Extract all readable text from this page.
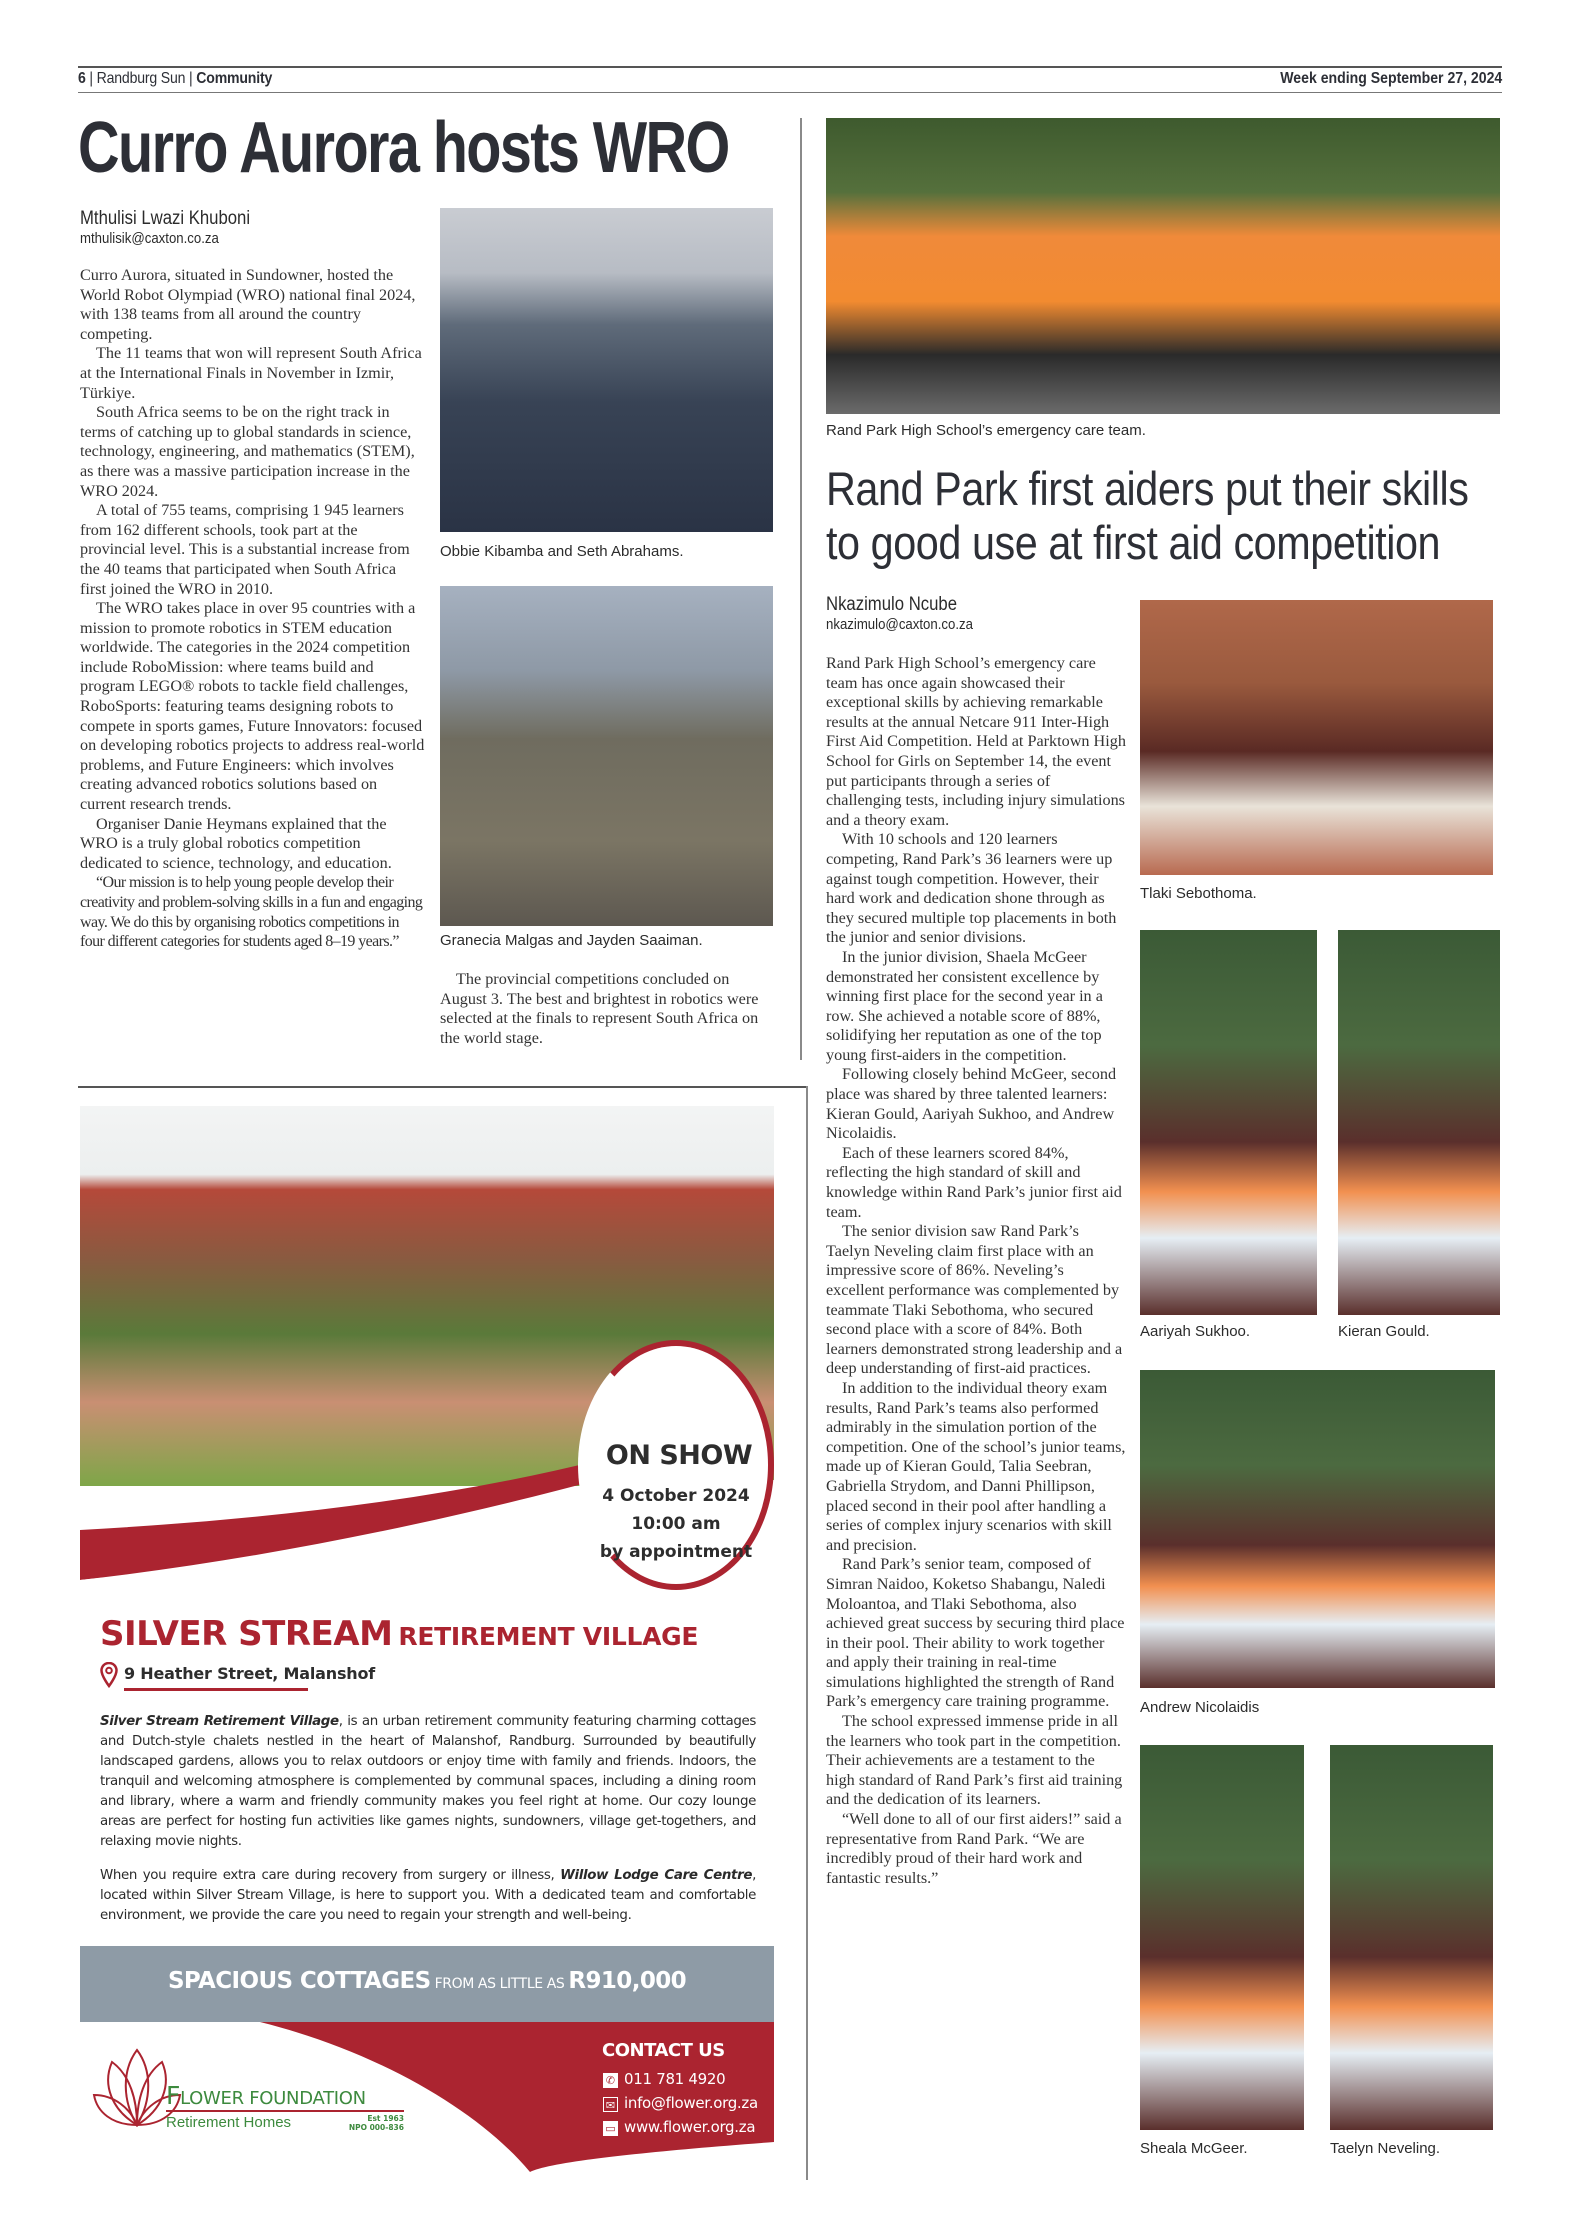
6 | Randburg Sun | Community	Week ending September 27, 2024
Curro Aurora hosts WRO
Mthulisi Lwazi Khuboni
mthulisik@caxton.co.za

Curro Aurora, situated in Sundowner, hosted the World Robot Olympiad (WRO) national final 2024, with 138 teams from all around the country competing.

The 11 teams that won will represent South Africa at the International Finals in November in Izmir, Türkiye.

South Africa seems to be on the right track in terms of catching up to global standards in science, technology, engineering, and mathematics (STEM), as there was a massive participation increase in the WRO 2024.

A total of 755 teams, comprising 1 945 learners from 162 different schools, took part at the provincial level. This is a substantial increase from the 40 teams that participated when South Africa first joined the WRO in 2010.

The WRO takes place in over 95 countries with a mission to promote robotics in STEM education worldwide. The categories in the 2024 competition include RoboMission: where teams build and program LEGO® robots to tackle field challenges, RoboSports: featuring teams designing robots to compete in sports games, Future Innovators: focused on developing robotics projects to address real-world problems, and Future Engineers: which involves creating advanced robotics solutions based on current research trends.

Organiser Danie Heymans explained that the WRO is a truly global robotics competition dedicated to science, technology, and education.

“Our mission is to help young people develop their creativity and problem-solving skills in a fun and engaging way. We do this by organising robotics competitions in four different categories for students aged 8–19 years.”

Obbie Kibamba and Seth Abrahams.
Granecia Malgas and Jayden Saaiman.

The provincial competitions concluded on August 3. The best and brightest in robotics were selected at the finals to represent South Africa on the world stage.

Rand Park High School’s emergency care team.
Rand Park first aiders put their skills to good use at first aid competition
Nkazimulo Ncube
nkazimulo@caxton.co.za

Rand Park High School’s emergency care team has once again showcased their exceptional skills by achieving remarkable results at the annual Netcare 911 Inter-High First Aid Competition. Held at Parktown High School for Girls on September 14, the event put participants through a series of challenging tests, including injury simulations and a theory exam.

With 10 schools and 120 learners competing, Rand Park’s 36 learners were up against tough competition. However, their hard work and dedication shone through as they secured multiple top placements in both the junior and senior divisions.

In the junior division, Shaela McGeer demonstrated her consistent excellence by winning first place for the second year in a row. She achieved a notable score of 88%, solidifying her reputation as one of the top young first-aiders in the competition.

Following closely behind McGeer, second place was shared by three talented learners: Kieran Gould, Aariyah Sukhoo, and Andrew Nicolaidis.

Each of these learners scored 84%, reflecting the high standard of skill and knowledge within Rand Park’s junior first aid team.

The senior division saw Rand Park’s Taelyn Neveling claim first place with an impressive score of 86%. Neveling’s excellent performance was complemented by teammate Tlaki Sebothoma, who secured second place with a score of 84%. Both learners demonstrated strong leadership and a deep understanding of first-aid practices.

In addition to the individual theory exam results, Rand Park’s teams also performed admirably in the simulation portion of the competition. One of the school’s junior teams, made up of Kieran Gould, Talia Seebran, Gabriella Strydom, and Danni Phillipson, placed second in their pool after handling a series of complex injury scenarios with skill and precision.

Rand Park’s senior team, composed of Simran Naidoo, Koketso Shabangu, Naledi Moloantoa, and Tlaki Sebothoma, also achieved great success by securing third place in their pool. Their ability to work together and apply their training in real-time simulations highlighted the strength of Rand Park’s emergency care training programme.

The school expressed immense pride in all the learners who took part in the competition. Their achievements are a testament to the high standard of Rand Park’s first aid training and the dedication of its learners.

“Well done to all of our first aiders!” said a representative from Rand Park. “We are incredibly proud of their hard work and fantastic results.”

Tlaki Sebothoma.
Aariyah Sukhoo.	Kieran Gould.
Andrew Nicolaidis
Sheala McGeer.	Taelyn Neveling.
ON SHOW
4 October 2024
10:00 am
by appointment
SILVER STREAM RETIREMENT VILLAGE
9 Heather Street, Malanshof
Silver Stream Retirement Village, is an urban retirement community featuring charming cottages and Dutch-style chalets nestled in the heart of Malanshof, Randburg. Surrounded by beautifully landscaped gardens, allows you to relax outdoors or enjoy time with family and friends. Indoors, the tranquil and welcoming atmosphere is complemented by communal spaces, including a dining room and library, where a warm and friendly community makes you feel right at home. Our cozy lounge areas are perfect for hosting fun activities like games nights, sundowners, village get-togethers, and relaxing movie nights.
When you require extra care during recovery from surgery or illness, Willow Lodge Care Centre, located within Silver Stream Village, is here to support you. With a dedicated team and comfortable environment, we provide the care you need to regain your strength and well-being.
SPACIOUS COTTAGES FROM AS LITTLE AS R910,000
CONTACT US
✆ 011 781 4920
✉ info@flower.org.za
▭ www.flower.org.za
FLOWER FOUNDATION
Retirement Homes	Est 1963
NPO 000-836
